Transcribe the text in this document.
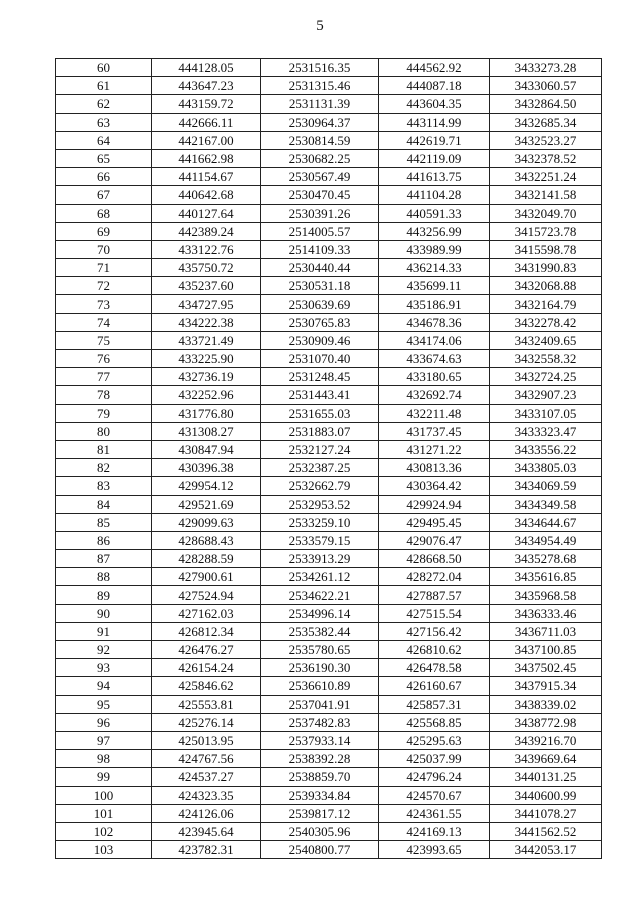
5
60	444128.05	2531516.35	444562.92	3433273.28
61	443647.23	2531315.46	444087.18	3433060.57
62	443159.72	2531131.39	443604.35	3432864.50
63	442666.11	2530964.37	443114.99	3432685.34
64	442167.00	2530814.59	442619.71	3432523.27
65	441662.98	2530682.25	442119.09	3432378.52
66	441154.67	2530567.49	441613.75	3432251.24
67	440642.68	2530470.45	441104.28	3432141.58
68	440127.64	2530391.26	440591.33	3432049.70
69	442389.24	2514005.57	443256.99	3415723.78
70	433122.76	2514109.33	433989.99	3415598.78
71	435750.72	2530440.44	436214.33	3431990.83
72	435237.60	2530531.18	435699.11	3432068.88
73	434727.95	2530639.69	435186.91	3432164.79
74	434222.38	2530765.83	434678.36	3432278.42
75	433721.49	2530909.46	434174.06	3432409.65
76	433225.90	2531070.40	433674.63	3432558.32
77	432736.19	2531248.45	433180.65	3432724.25
78	432252.96	2531443.41	432692.74	3432907.23
79	431776.80	2531655.03	432211.48	3433107.05
80	431308.27	2531883.07	431737.45	3433323.47
81	430847.94	2532127.24	431271.22	3433556.22
82	430396.38	2532387.25	430813.36	3433805.03
83	429954.12	2532662.79	430364.42	3434069.59
84	429521.69	2532953.52	429924.94	3434349.58
85	429099.63	2533259.10	429495.45	3434644.67
86	428688.43	2533579.15	429076.47	3434954.49
87	428288.59	2533913.29	428668.50	3435278.68
88	427900.61	2534261.12	428272.04	3435616.85
89	427524.94	2534622.21	427887.57	3435968.58
90	427162.03	2534996.14	427515.54	3436333.46
91	426812.34	2535382.44	427156.42	3436711.03
92	426476.27	2535780.65	426810.62	3437100.85
93	426154.24	2536190.30	426478.58	3437502.45
94	425846.62	2536610.89	426160.67	3437915.34
95	425553.81	2537041.91	425857.31	3438339.02
96	425276.14	2537482.83	425568.85	3438772.98
97	425013.95	2537933.14	425295.63	3439216.70
98	424767.56	2538392.28	425037.99	3439669.64
99	424537.27	2538859.70	424796.24	3440131.25
100	424323.35	2539334.84	424570.67	3440600.99
101	424126.06	2539817.12	424361.55	3441078.27
102	423945.64	2540305.96	424169.13	3441562.52
103	423782.31	2540800.77	423993.65	3442053.17
